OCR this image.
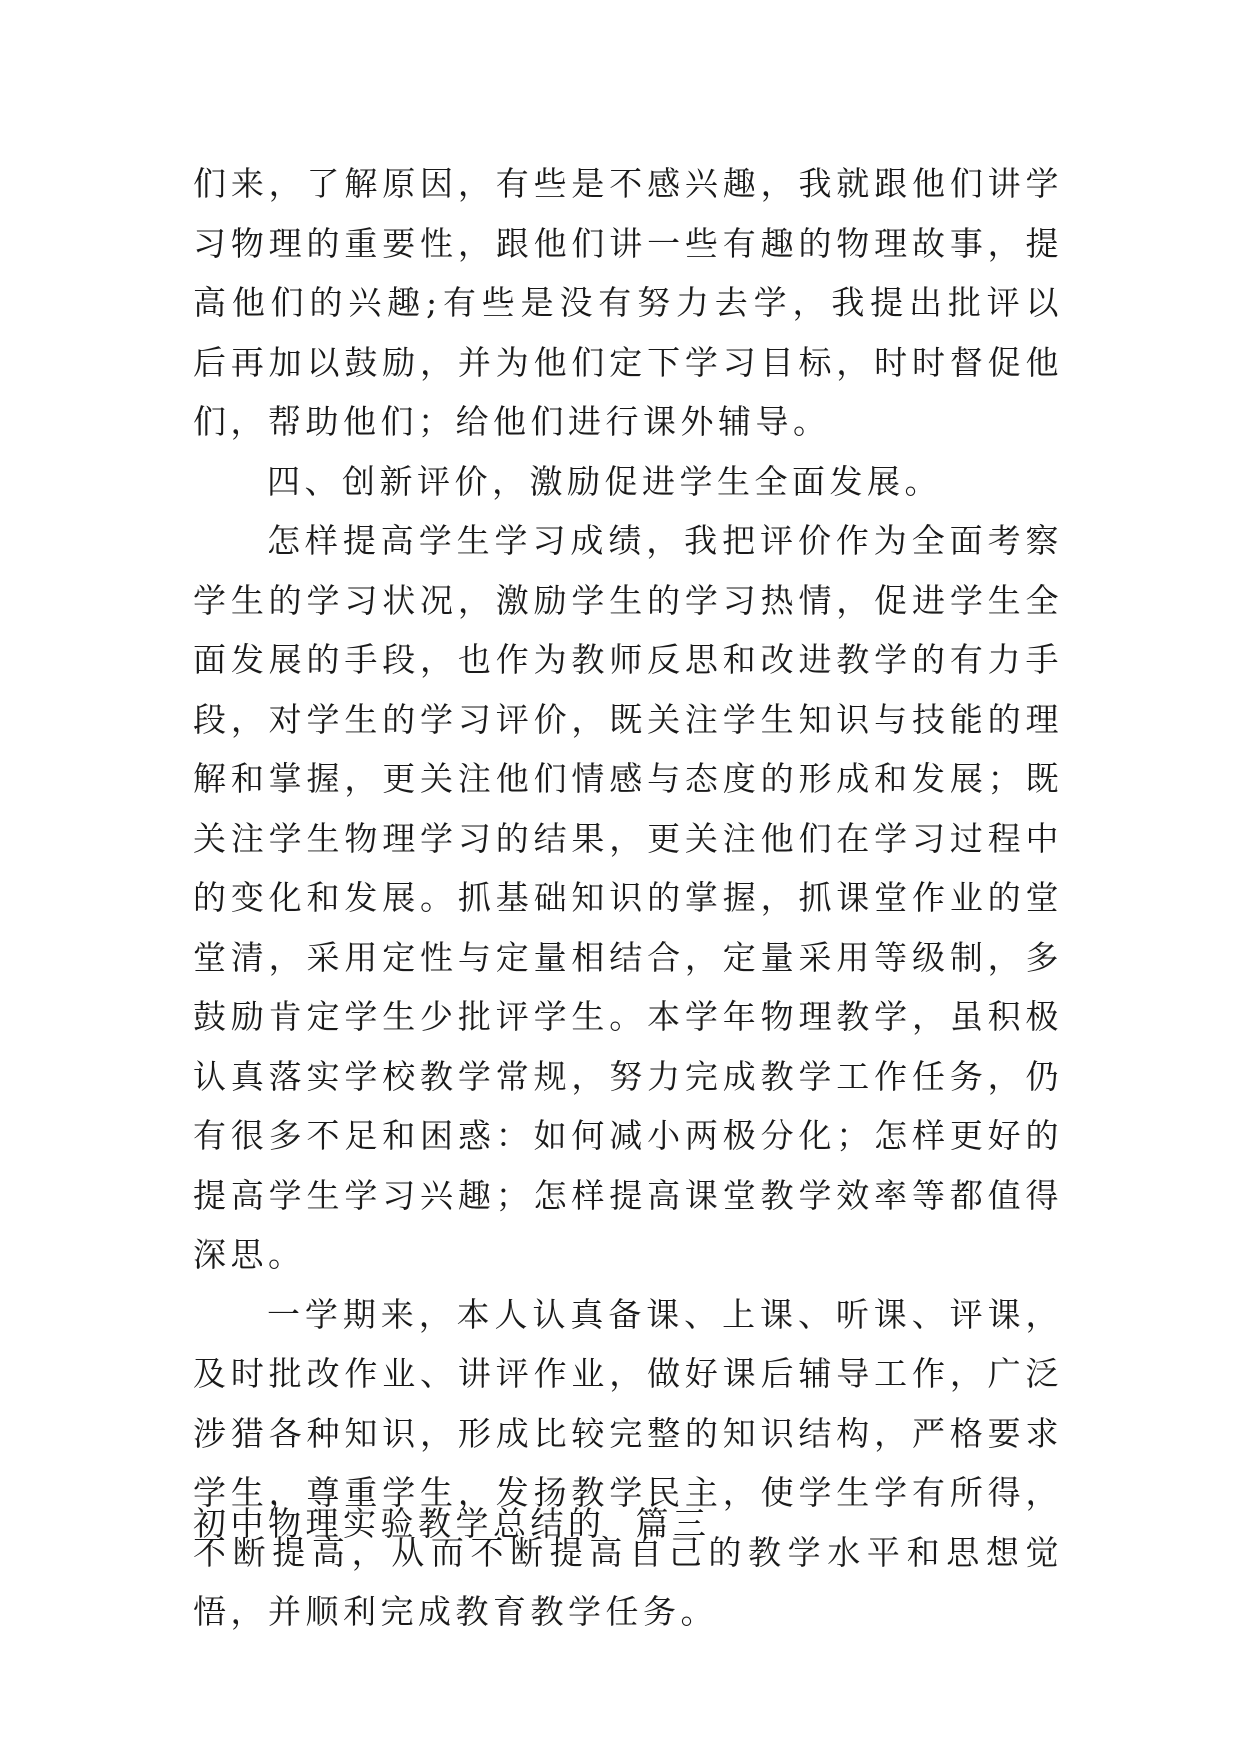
们来，了解原因，有些是不感兴趣，我就跟他们讲学习物理的重要性，跟他们讲一些有趣的物理故事，提高他们的兴趣;有些是没有努力去学，我提出批评以后再加以鼓励，并为他们定下学习目标，时时督促他们，帮助他们；给他们进行课外辅导。

四、创新评价，激励促进学生全面发展。

怎样提高学生学习成绩，我把评价作为全面考察学生的学习状况，激励学生的学习热情，促进学生全面发展的手段，也作为教师反思和改进教学的有力手段，对学生的学习评价，既关注学生知识与技能的理解和掌握，更关注他们情感与态度的形成和发展；既关注学生物理学习的结果，更关注他们在学习过程中的变化和发展。抓基础知识的掌握，抓课堂作业的堂堂清，采用定性与定量相结合，定量采用等级制，多鼓励肯定学生少批评学生。本学年物理教学，虽积极认真落实学校教学常规，努力完成教学工作任务，仍有很多不足和困惑：如何减小两极分化；怎样更好的提高学生学习兴趣；怎样提高课堂教学效率等都值得深思。

一学期来，本人认真备课、上课、听课、评课，及时批改作业、讲评作业，做好课后辅导工作，广泛涉猎各种知识，形成比较完整的知识结构，严格要求学生，尊重学生，发扬教学民主，使学生学有所得，不断提高，从而不断提高自己的教学水平和思想觉悟，并顺利完成教育教学任务。

初中物理实验教学总结的  篇三
